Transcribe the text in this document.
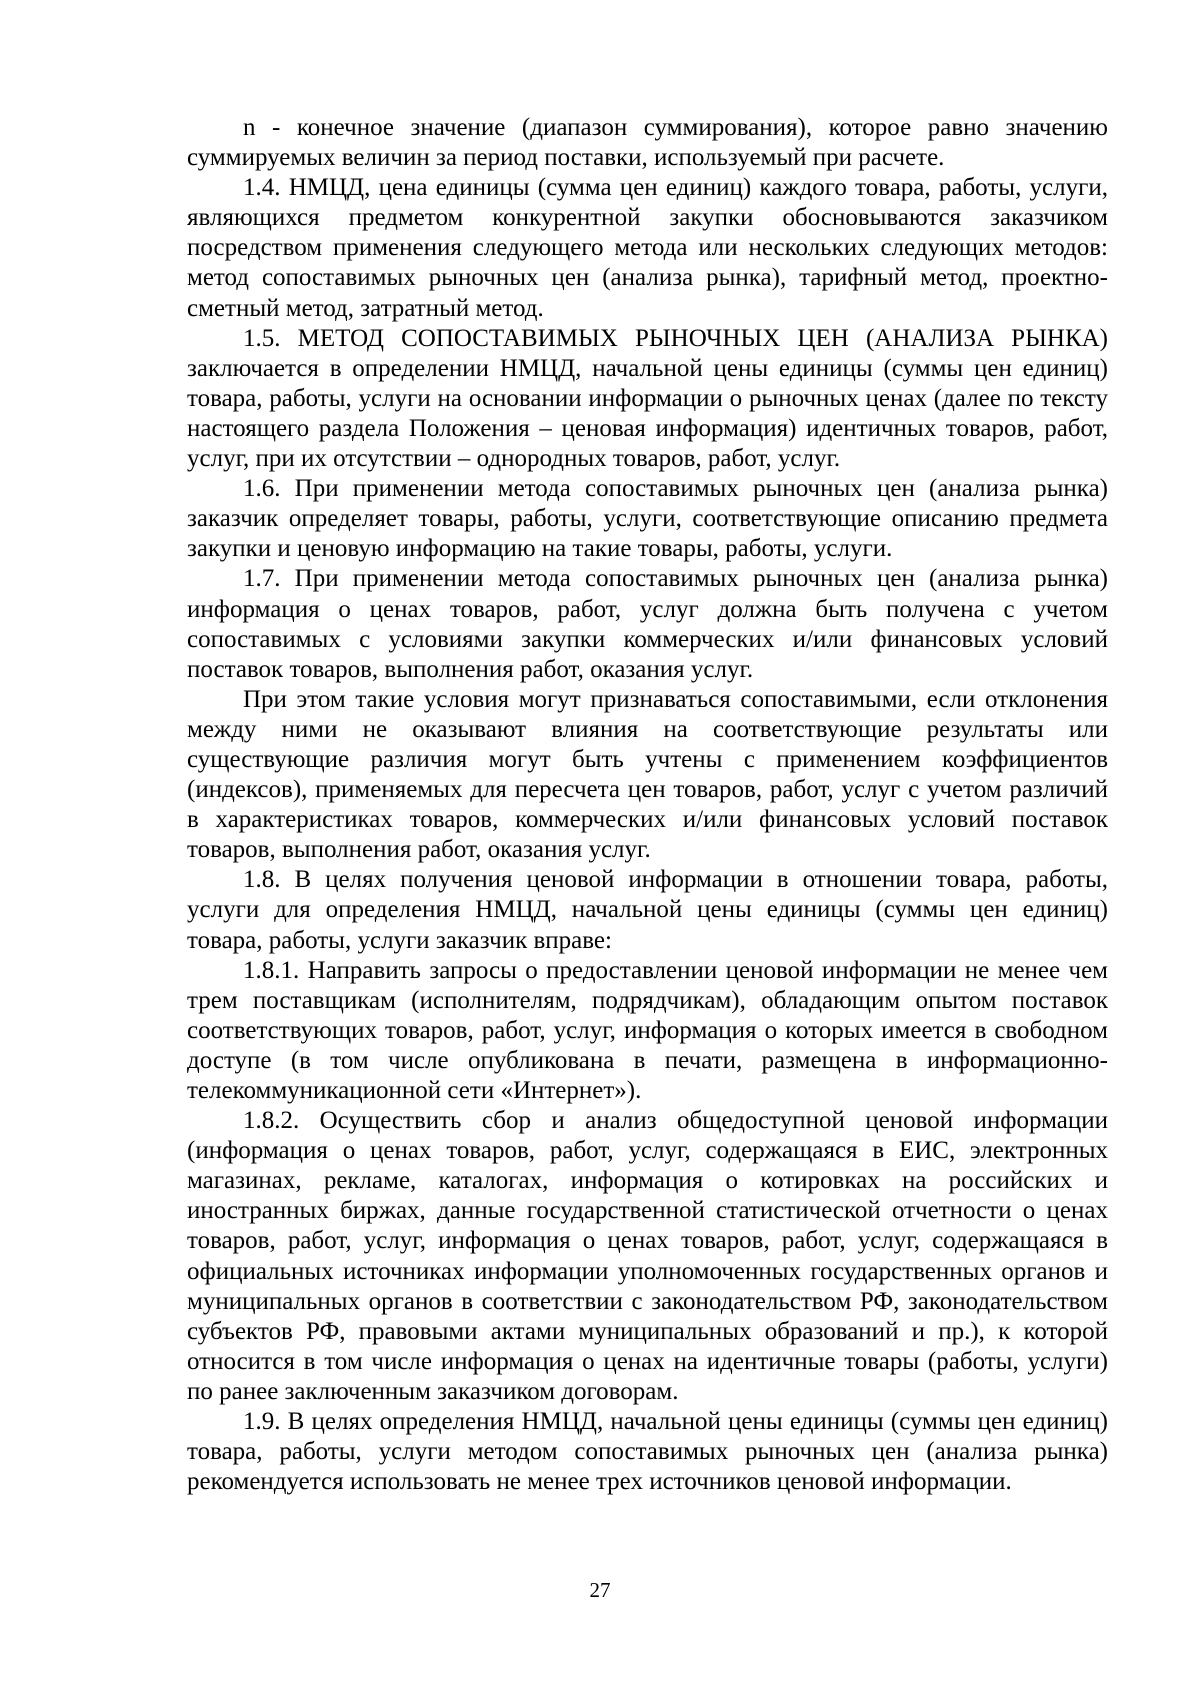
n - конечное значение (диапазон суммирования), которое равно значению суммируемых величин за период поставки, используемый при расчете.

1.4. НМЦД, цена единицы (сумма цен единиц) каждого товара, работы, услуги, являющихся предметом конкурентной закупки обосновываются заказчиком посредством применения следующего метода или нескольких следующих методов: метод сопоставимых рыночных цен (анализа рынка), тарифный метод, проектно-сметный метод, затратный метод.

1.5. МЕТОД СОПОСТАВИМЫХ РЫНОЧНЫХ ЦЕН (АНАЛИЗА РЫНКА) заключается в определении НМЦД, начальной цены единицы (суммы цен единиц) товара, работы, услуги на основании информации о рыночных ценах (далее по тексту настоящего раздела Положения – ценовая информация) идентичных товаров, работ, услуг, при их отсутствии – однородных товаров, работ, услуг.

1.6. При применении метода сопоставимых рыночных цен (анализа рынка) заказчик определяет товары, работы, услуги, соответствующие описанию предмета закупки и ценовую информацию на такие товары, работы, услуги.

1.7. При применении метода сопоставимых рыночных цен (анализа рынка) информация о ценах товаров, работ, услуг должна быть получена с учетом сопоставимых с условиями закупки коммерческих и/или финансовых условий поставок товаров, выполнения работ, оказания услуг.

При этом такие условия могут признаваться сопоставимыми, если отклонения между ними не оказывают влияния на соответствующие результаты или существующие различия могут быть учтены с применением коэффициентов (индексов), применяемых для пересчета цен товаров, работ, услуг с учетом различий в характеристиках товаров, коммерческих и/или финансовых условий поставок товаров, выполнения работ, оказания услуг.

1.8. В целях получения ценовой информации в отношении товара, работы, услуги для определения НМЦД, начальной цены единицы (суммы цен единиц) товара, работы, услуги заказчик вправе:

1.8.1. Направить запросы о предоставлении ценовой информации не менее чем трем поставщикам (исполнителям, подрядчикам), обладающим опытом поставок соответствующих товаров, работ, услуг, информация о которых имеется в свободном доступе (в том числе опубликована в печати, размещена в информационно-телекоммуникационной сети «Интернет»).

1.8.2. Осуществить сбор и анализ общедоступной ценовой информации (информация о ценах товаров, работ, услуг, содержащаяся в ЕИС, электронных магазинах, рекламе, каталогах, информация о котировках на российских и иностранных биржах, данные государственной статистической отчетности о ценах товаров, работ, услуг, информация о ценах товаров, работ, услуг, содержащаяся в официальных источниках информации уполномоченных государственных органов и муниципальных органов в соответствии с законодательством РФ, законодательством субъектов РФ, правовыми актами муниципальных образований и пр.), к которой относится в том числе информация о ценах на идентичные товары (работы, услуги) по ранее заключенным заказчиком договорам.

1.9. В целях определения НМЦД, начальной цены единицы (суммы цен единиц) товара, работы, услуги методом сопоставимых рыночных цен (анализа рынка) рекомендуется использовать не менее трех источников ценовой информации.

27
